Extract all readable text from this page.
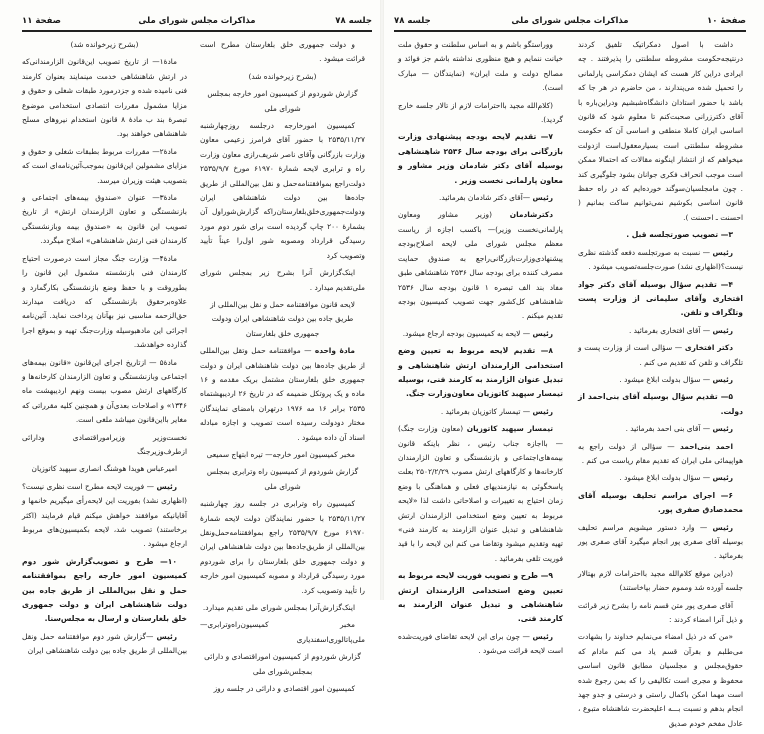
جلسه ۷۸
مذاکرات مجلس شورای ملی
صفحة ۱۱

و دولت جمهوری خلق بلغارستان مطرح است قرائت میشود .

(بشرح زیرخوانده شد)

گزارش شوردوم از کمیسیون امور خارجه بمجلس شورای ملی

کمیسیون امورخارجه درجلسه روزچهارشنبه ۲۵۳۵/۱۱/۲۷ با حضور آقای فرامرز زعیمی معاون وزارت بازرگانی وآقای ناصر شریف‌رازی معاون وزارت راه و ترابری لایحه شمارهٔ ۶۱۹۷۰ مورخ ۲۵۳۵/۹/۷ دولت‌راجع بموافقتنامه‌حمل و نقل بین‌المللی از طریق جاده‌ها بین دولت شاهنشاهی ایران ودولت‌جمهوری‌خلق‌بلغارستان‌راکه گزارش‌شوراول آن بشمارهٔ ۲۰۰ چاپ گردیده است برای شور دوم مورد رسیدگی قرارداد ومصوبه شور اول‌را عیناً تأیید وتصویب کرد

اینک‌گزارش آنرا بشرح زیر بمجلس شورای ملی‌تقدیم میدارد .

لایحه قانون موافقتنامه حمل و نقل بین‌المللی از طریق جاده بین دولت شاهنشاهی ایران ودولت جمهوری خلق بلغارستان

مادهٔ واحده — موافقتنامه حمل وتقل بین‌المللی از طریق جاده‌ها بین دولت شاهنشاهی ایران و دولت جمهوری خلق بلغارستان مشتمل بریک مقدمه و ۱۶ ماده و یک پروتکل ضمیمه که در تاریخ ۲۶ اردیبهشتماه ۲۵۳۵ برابر ۱۶ مه ۱۹۷۶ درتهران بامضای نمایندگان مختار دودولت رسیده است تصویب و اجازه مبادله اسناد آن داده میشود .

مخبر کمیسیون امور خارجه— تیره ابتهاج سمیعی

گزارش شوردوم از کمیسیون راه وترابری بمجلس شورای ملی

کمیسیون راه وترابری در جلسه روز چهارشنبه ۲۵۳۵/۱۱/۲۷ با حضور نمایندگان دولت لایحه شمارهٔ ۶۱۹۷۰ مورخ ۲۵۳۵/۹/۷ راجع بموافقتنامه‌حمل‌ونقل بین‌المللی از طریق‌جاده‌ها بین دولت شاهنشاهی ایران و دولت جمهوری خلق بلغارستان را برای شوردوم مورد رسیدگی قرارداد و مصوبه کمیسیون امور خارجه را تأیید وتصویب کرد.

اینک‌گزارش‌آنرا بمجلس شورای ملی تقدیم میدارد.

مخبر کمیسیون‌راه‌وترابری— ملی‌پاتالوری‌اسفندیاری

گزارش شوردوم از کمیسیون اموراقتصادی و دارائی بمجلس‌شورای ملی

کمیسیون امور اقتصادی و دارائی در جلسه روز

(بشرح زیرخوانده شد)

مادهٔ۱— از تاریخ تصویب این‌قانون الزارمندانی‌که در ارتش شاهنشاهی خدمت مینمایند بعنوان کارمند فنی نامیده شده و جزدرمورد طبقات شغلی و حقوق و مزایا مشمول مقررات انتصادی استخدامی موضوع تبصرهٔ بند ب مادهٔ ۸ قانون استخدام نیروهای مسلح شاهنشاهی خواهند بود.

مادهٔ۲— مقررات مربوط بطبقات شغلی و حقوق و مزایای مشمولین این‌قانون بموجب‌آئین‌نامه‌ای است که بتصویب هیئت وزیران میرسد.

مادهٔ۳— عنوان «صندوق بیمه‌های اجتماعی و بازنشستگی و تعاون الزارمندان ارتش» از تاریخ تصویب این قانون به «صندوق بیمه وبازنشستگی کارمندان فنی ارتش شاهنشاهی» اصلاح میگردد.

مادهٔ۴— وزارت جنگ مجاز است درصورت احتیاج کارمندان فنی بازنشسته مشمول این قانون را بطوروقت و با حفظ وضع بازنشستگی بکارگمارد و علاوه‌برحقوق بازنشستگی که دریافت میدارند حق‌الزحمه مناسبی نیز بهآنان پرداخت نماید. آئین‌نامه اجرائی این مادهبوسیله وزارت‌جنگ تهیه و بموقع اجرا گذارده خواهدشد.

مادهٔ۵ — ازتاریخ اجرای این‌قانون «قانون بیمه‌های اجتماعی وبازنشستگی و تعاون الزارمندان کارخانه‌ها و کارگاههای ارتش مصوب بیست ونهم اردیبهشت ماه ۱۳۴۶» و اصلاحات بعدی‌آن و همچنین کلیه مقرراتی که مغایر بااین‌قانون میباشد ملغی است.

نخست‌وزیر وزیراموراقتصادی ودارائی ازطرف‌وزیرجنگ

امیرعباس هویدا هوشنگ انصاری سپهبد کاتوزیان

رئیس — فوریت لایحه مطرح است نظری نیست؟ (اظهاری نشد) بفوریت این لایحه‌رأی میگیریم خانمها و آقایانیکه موافقند خواهش میکنم قیام فرمایند (اکثر برخاستند) تصویب شد، لایحه بکمیسیون‌های مربوط ارجاع میشود .

۱۰— طرح و تصویب‌گزارش شور دوم کمیسیون امور خارجه راجع بموافقتنامه حمل و نقل بین‌المللی از طریق جاده بین دولت شاهنشاهی ایران و دولت جمهوری خلق بلغارستان و ارسال به مجلس‌سنا.

رئیس —گزارش شور دوم موافقتنامه حمل ونقل بین‌المللی از طریق جاده بین دولت شاهنشاهی ایران

صفحهٔ ۱۰
مذاکرات مجلس شورای ملی
جلسه ۷۸

داشت با اصول دمکراتیک تلفیق کردند درنتیجه‌حکومت مشروطه سلطنتی را پذیرفتند . چه ایرادی دراین کار هست که ایشان دمکراسی پارلمانی را تحمیل شده می‌پندارند ، من حاضرم در هر جا که باشد با حضور استادان دانشگاه‌شبشیم ودراین‌باره با آقای دکترزرانی صحبت‌کنم تا معلوم شود که قانون اساسی ایران کاملا منطقی و اساسی آن که حکومت مشروطه سلطنتی است بسیارمعقول‌است ازدولت میخواهم که از انتشار اینگونه مقالات که احتمالا ممکن است موجب انحراف فکری جوانان بشود جلوگیری کند . چون مامجلسیان‌سوگند خورده‌ایم که در راه حفظ قانون اساسی بکوشیم نمی‌توانیم ساکت بمانیم ( احسنت ـ احسنت ).

۳— تصویب صورتجلسه قبل .

رئیس — نسبت به صورتجلسه دفعه گذشته نظری نیست؟(اظهاری نشد) صورت‌جلسه‌تصویب میشود .

۴— تقدیم سؤال بوسیله آقای دکتر جواد افتخاری وآقای سلیمانی از وزارت پست وتلگراف و تلفن.

رئیس — آقای افتخاری بفرمائید .

دکتر افتخاری — سؤالی است از وزارت پست و تلگراف و تلفن که تقدیم می کنم .

رئیس — سؤال بدولت ابلاغ میشود .

۵— تقدیم سؤال بوسیله آقای بنی‌احمد از دولت.

رئیس — آقای بنی احمد بفرمائید .

احمد بنی‌احمد — سؤالی از دولت راجع به هواپیمائی ملی ایران که تقدیم مقام ریاست می کنم .

رئیس — سؤال بدولت ابلاغ میشود .

۶— اجرای مراسم تحلیف بوسیله آقای محمدصادق صفری پور.

رئیس — وارد دستور میشویم مراسم تحلیف بوسیله آقای صفری پور انجام میگیرد آقای صفری پور بفرمائید .

(دراین موقع کلام‌الله مجید بااحترامات لازم بهتالار جلسه آورده شد ومموم حضار بپاخاستند)

آقای صفری پور متن قسم نامه را بشرح زیر قرائت و ذیل آنرا امضاء کردند :

«من که در ذیل امضاء می‌نمایم خداوند را بشهادت می‌طلبم و بقرآن قسم یاد می کنم مادام که حقوق‌مجلس و مجلسیان مطابق قانون اساسی محفوظ و مجری است تکالیفی را که بمن رجوع شده است مهما امکن باکمال راستی و درستی و جدو جهد انجام بدهم و نسبت بـــه اعلیحضرت شاهنشاه متبوع ، عادل مفخم خودم صدیق

ووراستگو باشم و به اساس سلطنت و حقوق ملت خیانت ننمایم و هیچ منظوری نداشته باشم جز فوائد و مصالح دولت و ملت ایران» (نمایندگان — مبارک است).

(کلام‌الله مجید بااحترامات لازم از تالار جلسه خارج گردید).

۷— تقدیم لایحه بودجه پیشنهادی وزارت بازرگانی برای بودجه سال ۲۵۳۶ شاهنشاهی بوسیله آقای دکتر شادمان وزیر مشاور و معاون پارلمانی نخست وزیر .

رئیس —آقای دکتر شادمان بفرمائید.

دکترشادمان (وزیر مشاور ومعاون پارلمانی‌نخست وزیر)— باکسب اجازه از ریاست معظم مجلس شورای ملی لایحه اصلاح‌بودجه پیشنهادی‌وزارت‌بازرگانی‌راجع به صندوق حمایت مصرف کننده برای بودجه سال ۲۵۳۶ شاهنشاهی طبق مفاد بند الف تبصره ۱ قانون بودجه سال ۲۵۳۶ شاهنشاهی کل‌کشور جهت تصویب کمیسیون بودجه تقدیم میکنم .

رئیس — لایحه به کمیسیون بودجه ارجاع میشود.

۸— تقدیم لایحه مربوط به تعیین وضع استخدامی الزارمندان ارتش شاهنشاهی و تبدیل عنوان الزارمند به کارمند فنی، بوسیله تیمسار سپهبد کاتوزیان معاون‌وزارت جنگ.

رئیس — تیمسار کاتوزیان بفرمائید .

تیمسار سپهبد کاتوزیان (معاون وزارت جنگ)— بااجازه جناب رئیس ، نظر باینکه قانون بیمه‌های‌اجتماعی و بازنشستگی و تعاون الزارمندان کارخانه‌ها و کارگاههای ارتش مصوب ۲۵۰۲/۲/۲۹ بعلت پاسخگوئی به نیازمندیهای فعلی و هماهنگی با وضع زمان احتیاج به تغییرات و اصلاحاتی داشت لذا «لایحه مربوط به تعیین وضع استخدامی الزارمندان ارتش شاهنشاهی و تبدیل عنوان الزارمند به کارمند فنی» تهیه وتقدیم میشود وتقاضا می کنم این لایحه را با قید فوریت تلقی بفرمائید .

۹— طرح و تصویب فوریت لایحه مربوط به تعیین وضع استخدامی الزارمندان ارتش شاهنشاهی و تبدیل عنوان الزارمند به کارمند فنی.

رئیس — چون برای این لایحه تقاضای فوریت‌شده است لایحه قرائت می‌شود .
